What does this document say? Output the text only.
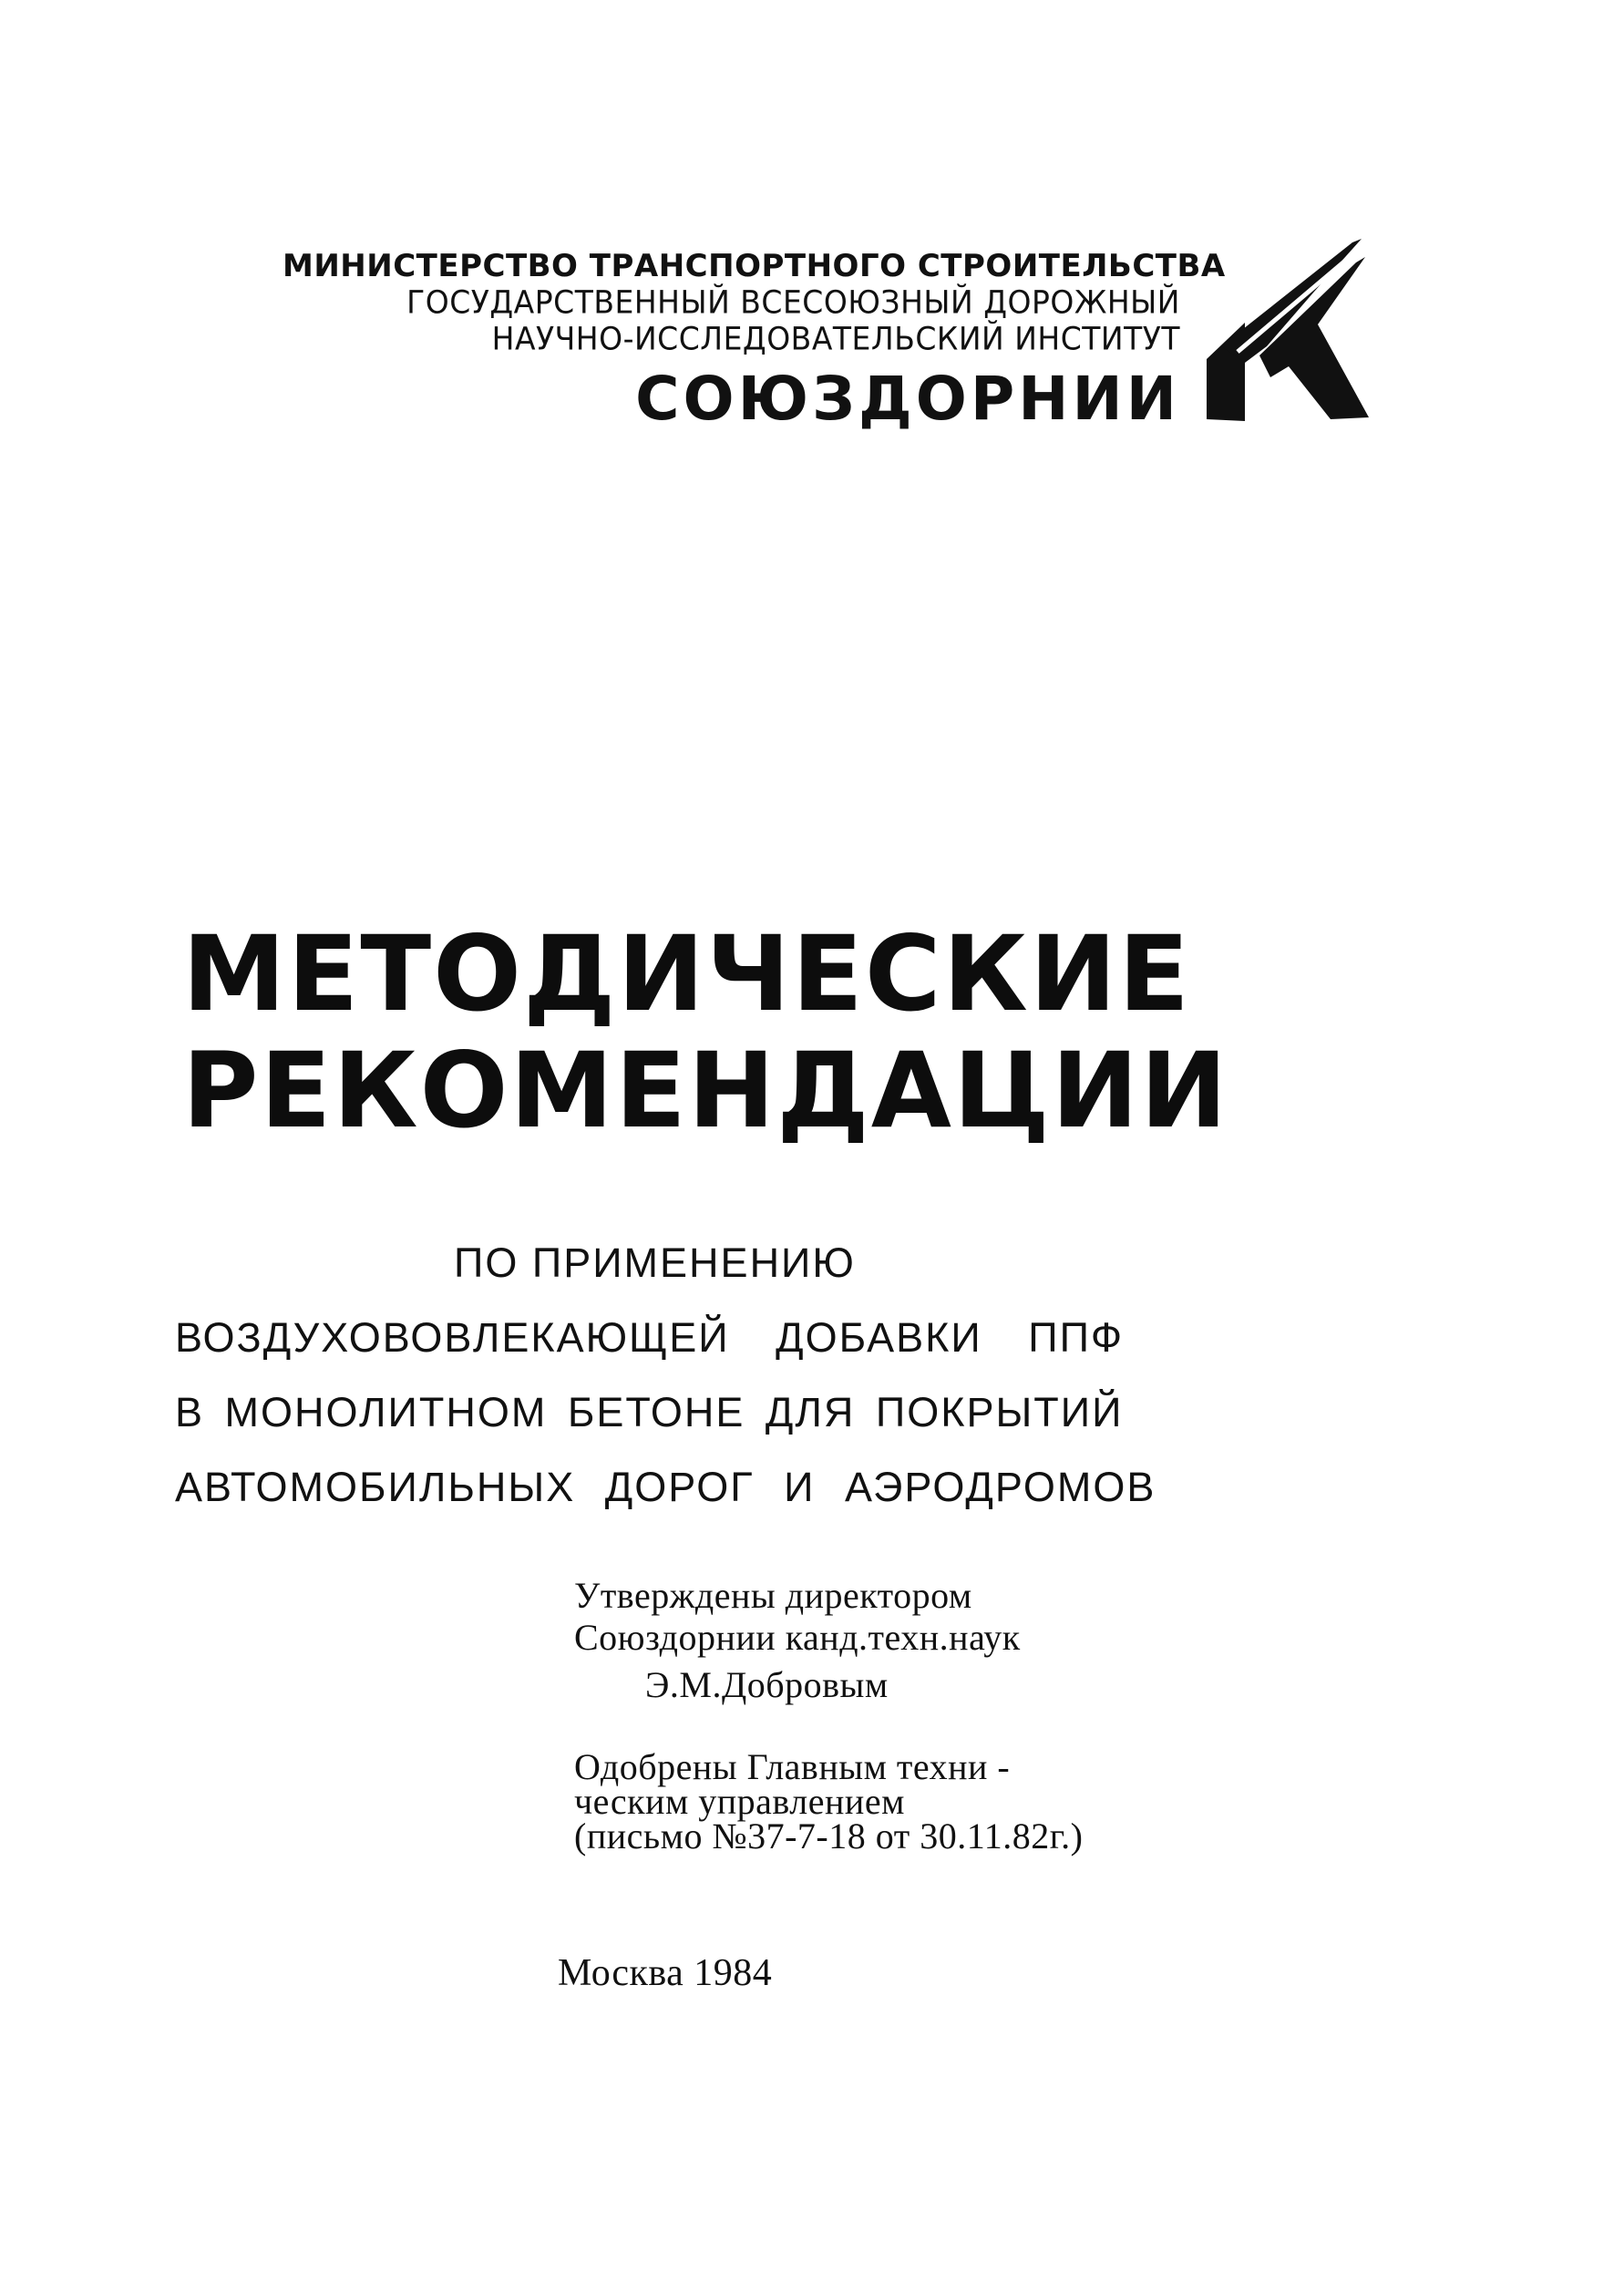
МИНИСТЕРСТВО ТРАНСПОРТНОГО СТРОИТЕЛЬСТВА
ГОСУДАРСТВЕННЫЙ ВСЕСОЮЗНЫЙ ДОРОЖНЫЙ
НАУЧНО-ИССЛЕДОВАТЕЛЬСКИЙ ИНСТИТУТ
СОЮЗДОРНИИ
МЕТОДИЧЕСКИЕ
РЕКОМЕНДАЦИИ
ПО ПРИМЕНЕНИЮ
ВОЗДУХОВОВЛЕКАЮЩЕЙ ДОБАВКИ ППФ
В МОНОЛИТНОМ БЕТОНЕ ДЛЯ ПОКРЫТИЙ
АВТОМОБИЛЬНЫХ ДОРОГ И АЭРОДРОМОВ
Утверждены директором
Союздорнии канд.техн.наук
Э.М.Добровым
Одобрены Главным техни -
ческим управлением
(письмо №37-7-18 от 30.11.82г.)
Москва 1984
